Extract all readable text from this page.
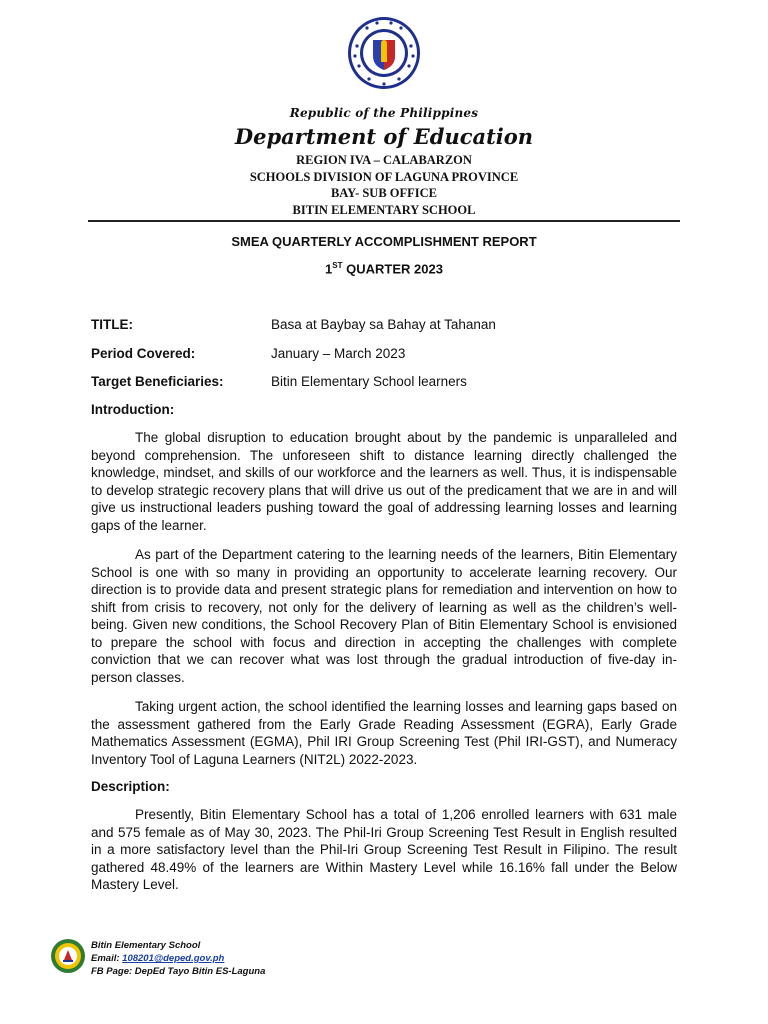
Republic of the Philippines
Department of Education
REGION IVA – CALABARZON
SCHOOLS DIVISION OF LAGUNA PROVINCE
BAY- SUB OFFICE
BITIN ELEMENTARY SCHOOL
SMEA QUARTERLY ACCOMPLISHMENT REPORT
1ST QUARTER 2023
TITLE:	Basa at Baybay sa Bahay at Tahanan
Period Covered:	January – March 2023
Target Beneficiaries:	Bitin Elementary School learners
Introduction:

The global disruption to education brought about by the pandemic is unparalleled and beyond comprehension. The unforeseen shift to distance learning directly challenged the knowledge, mindset, and skills of our workforce and the learners as well. Thus, it is indispensable to develop strategic recovery plans that will drive us out of the predicament that we are in and will give us instructional leaders pushing toward the goal of addressing learning losses and learning gaps of the learner.

As part of the Department catering to the learning needs of the learners, Bitin Elementary School is one with so many in providing an opportunity to accelerate learning recovery. Our direction is to provide data and present strategic plans for remediation and intervention on how to shift from crisis to recovery, not only for the delivery of learning as well as the children’s well-being. Given new conditions, the School Recovery Plan of Bitin Elementary School is envisioned to prepare the school with focus and direction in accepting the challenges with complete conviction that we can recover what was lost through the gradual introduction of five-day in-person classes.

Taking urgent action, the school identified the learning losses and learning gaps based on the assessment gathered from the Early Grade Reading Assessment (EGRA), Early Grade Mathematics Assessment (EGMA), Phil IRI Group Screening Test (Phil IRI-GST), and Numeracy Inventory Tool of Laguna Learners (NIT2L) 2022-2023.

Description:

Presently, Bitin Elementary School has a total of 1,206 enrolled learners with 631 male and 575 female as of May 30, 2023. The Phil-Iri Group Screening Test Result in English resulted in a more satisfactory level than the Phil-Iri Group Screening Test Result in Filipino. The result gathered 48.49% of the learners are Within Mastery Level while 16.16% fall under the Below Mastery Level.

Bitin Elementary School
Email: 108201@deped.gov.ph
FB Page: DepEd Tayo Bitin ES-Laguna
